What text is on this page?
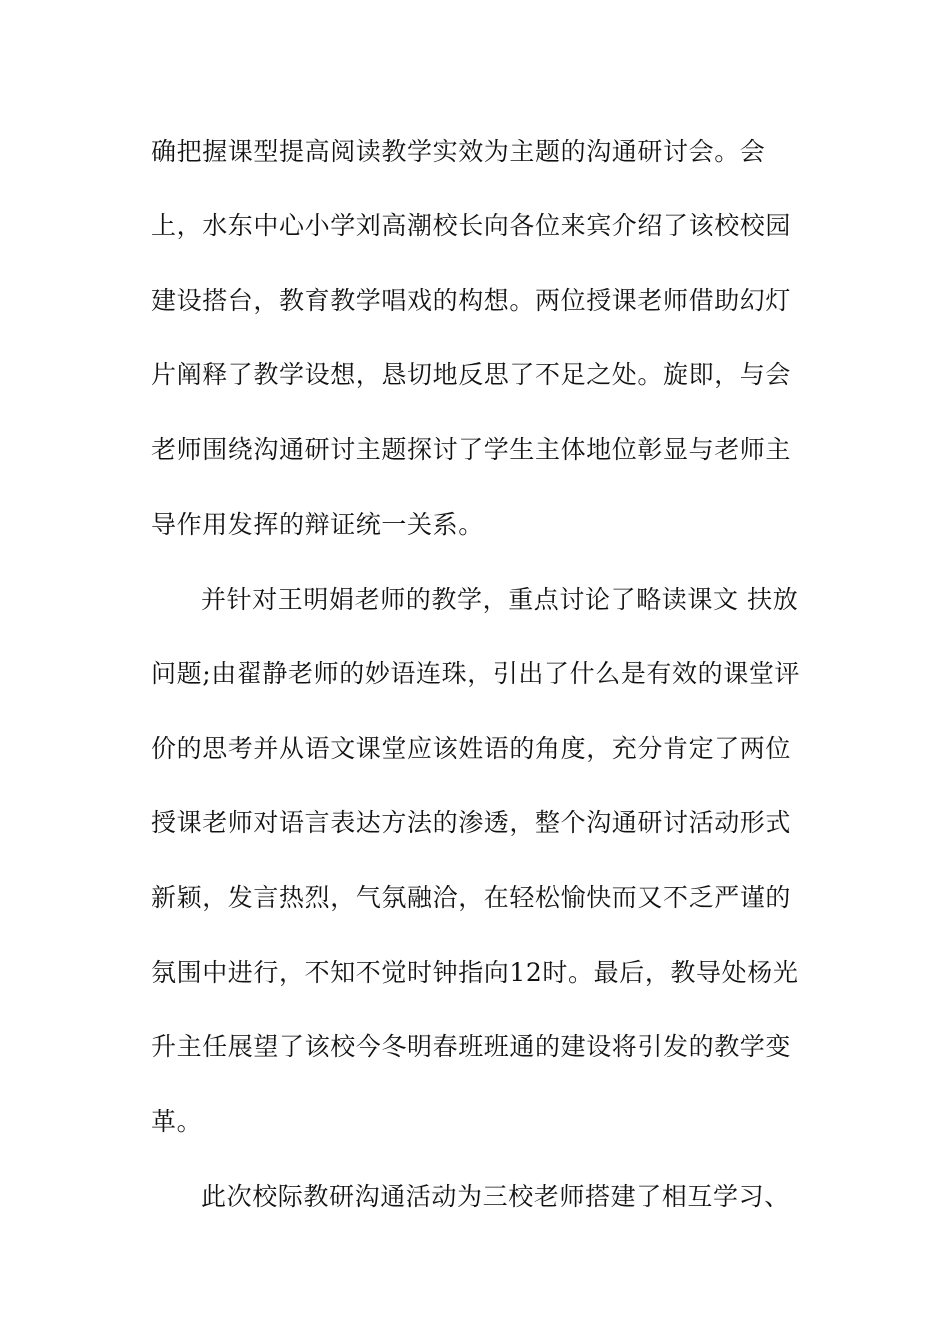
确把握课型提高阅读教学实效为主题的沟通研讨会。会
上，水东中心小学刘高潮校长向各位来宾介绍了该校校园
建设搭台，教育教学唱戏的构想。两位授课老师借助幻灯
片阐释了教学设想，恳切地反思了不足之处。旋即，与会
老师围绕沟通研讨主题探讨了学生主体地位彰显与老师主
导作用发挥的辩证统一关系。
并针对王明娟老师的教学，重点讨论了略读课文 扶放
问题;由翟静老师的妙语连珠，引出了什么是有效的课堂评
价的思考并从语文课堂应该姓语的角度，充分肯定了两位
授课老师对语言表达方法的渗透，整个沟通研讨活动形式
新颖，发言热烈，气氛融洽，在轻松愉快而又不乏严谨的
氛围中进行，不知不觉时钟指向12时。最后，教导处杨光
升主任展望了该校今冬明春班班通的建设将引发的教学变
革。
此次校际教研沟通活动为三校老师搭建了相互学习、
